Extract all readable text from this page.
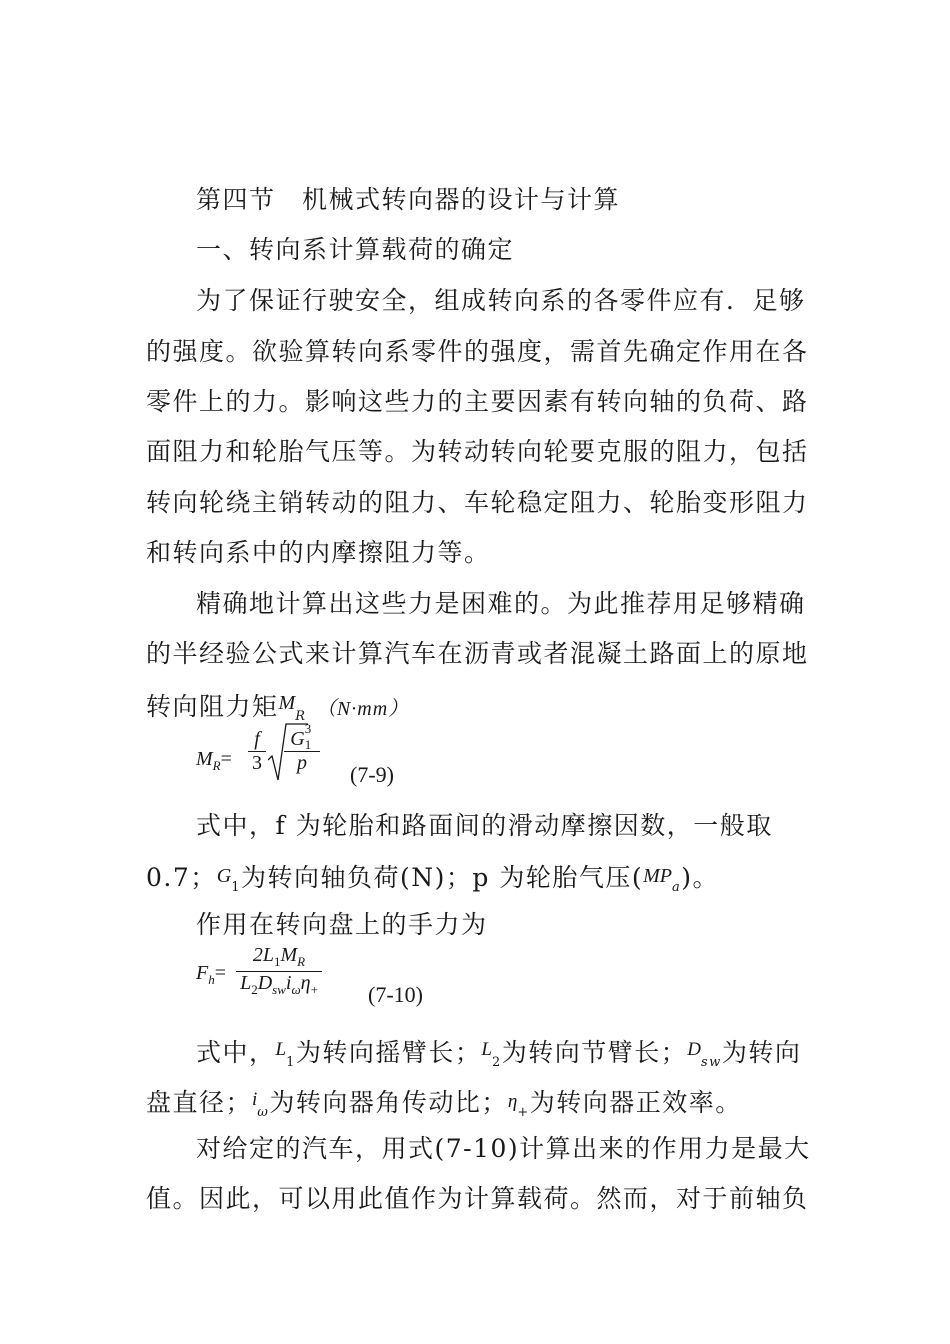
第四节　机械式转向器的设计与计算
一、转向系计算载荷的确定
为了保证行驶安全，组成转向系的各零件应有．足够
的强度。欲验算转向系零件的强度，需首先确定作用在各
零件上的力。影响这些力的主要因素有转向轴的负荷、路
面阻力和轮胎气压等。为转动转向轮要克服的阻力，包括
转向轮绕主销转动的阻力、车轮稳定阻力、轮胎变形阻力
和转向系中的内摩擦阻力等。
精确地计算出这些力是困难的。为此推荐用足够精确
的半经验公式来计算汽车在沥青或者混凝土路面上的原地
转向阻力矩$^M_R$ （N·mm）
$M_R= \frac{f}{3}$	G 3
1
p	(7-9)
式中，f 为轮胎和路面间的滑动摩擦因数，一般取
0.7；$G_1$为转向轴负荷(N)；p 为轮胎气压$(MP_a)$。
作用在转向盘上的手力为
$F_h=$
$2L_1M_R$
$L_2D_{sw}i_\omega\eta_+$ (7-10)
式中，$^L_1$为转向摇臂长；$^L_2$为转向节臂长；$^D_{sw}$为转向
盘直径；$^i_\omega$为转向器角传动比；$\eta_+$为转向器正效率。
对给定的汽车，用式(7-10)计算出来的作用力是最大
值。因此，可以用此值作为计算载荷。然而，对于前轴负
